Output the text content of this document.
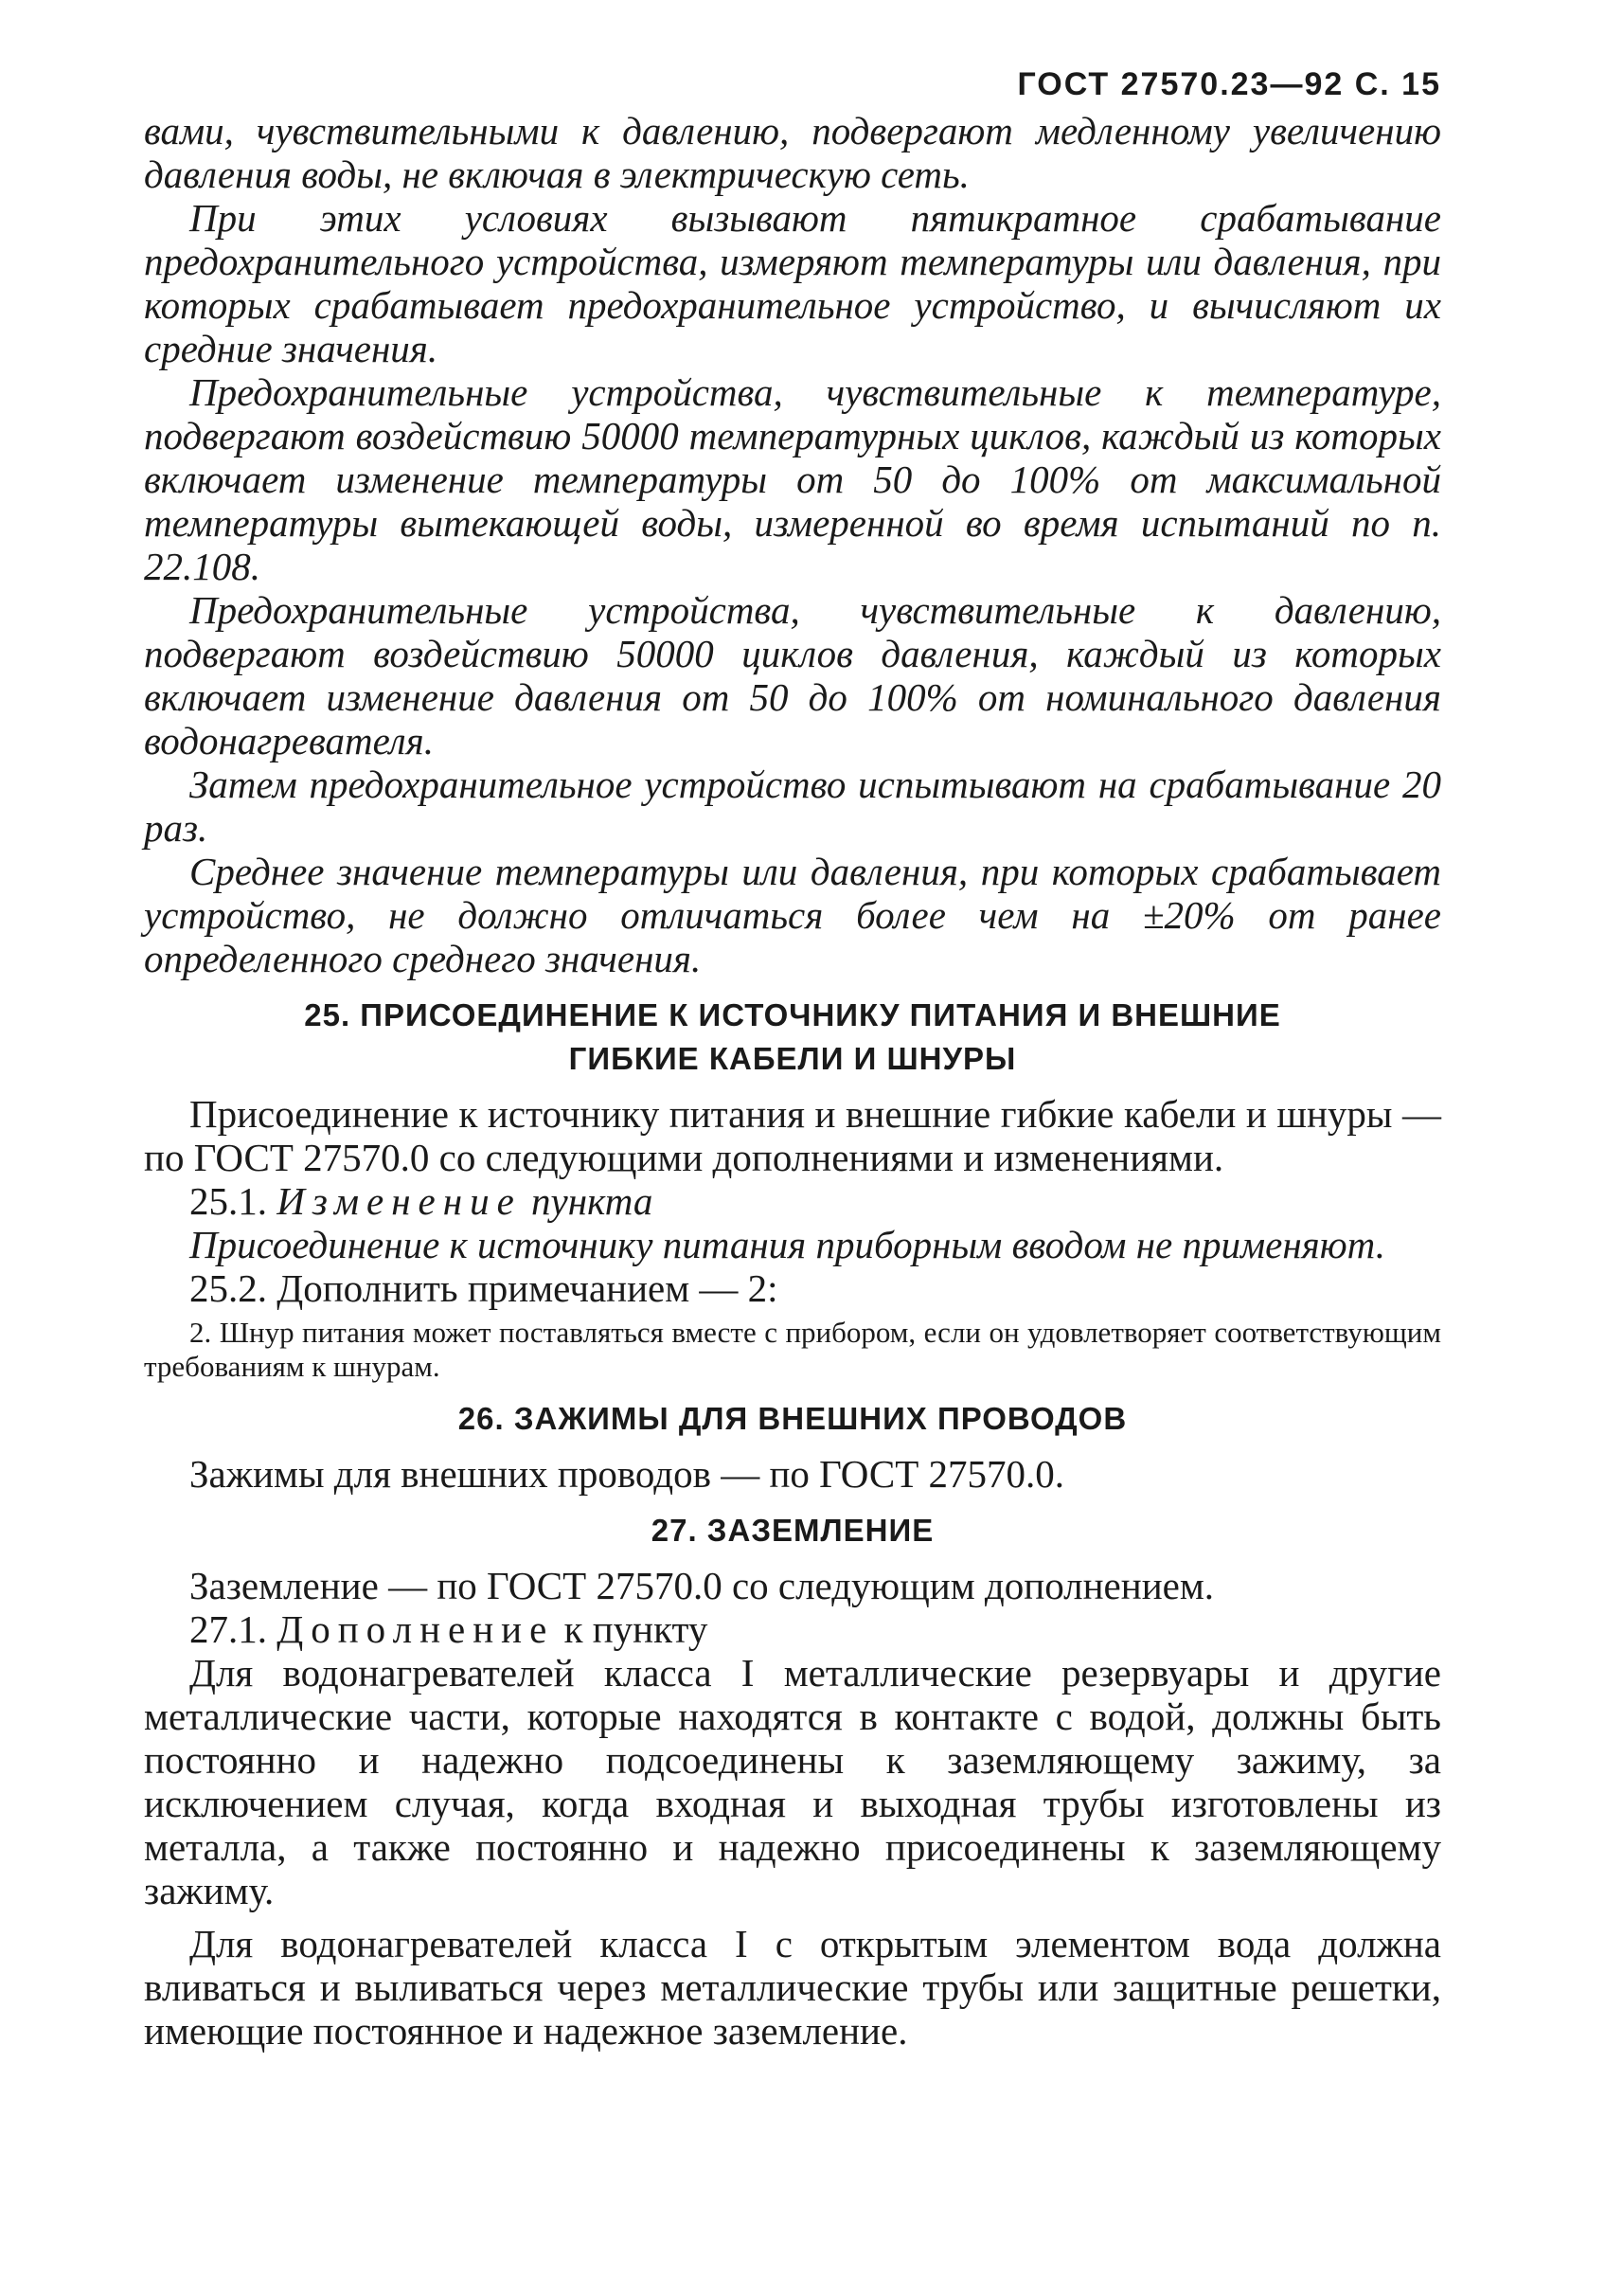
ГОСТ 27570.23—92 С. 15

вами, чувствительными к давлению, подвергают медленному увеличению давления воды, не включая в электрическую сеть.

При этих условиях вызывают пятикратное срабатывание предохранительного устройства, измеряют температуры или давления, при которых срабатывает предохранительное устройство, и вычисляют их средние значения.

Предохранительные устройства, чувствительные к температуре, подвергают воздействию 50000 температурных циклов, каждый из которых включает изменение температуры от 50 до 100% от максимальной температуры вытекающей воды, измеренной во время испытаний по п. 22.108.

Предохранительные устройства, чувствительные к давлению, подвергают воздействию 50000 циклов давления, каждый из которых включает изменение давления от 50 до 100% от номинального давления водонагревателя.

Затем предохранительное устройство испытывают на срабатывание 20 раз.

Среднее значение температуры или давления, при которых срабатывает устройство, не должно отличаться более чем на ±20% от ранее определенного среднего значения.

25. ПРИСОЕДИНЕНИЕ К ИСТОЧНИКУ ПИТАНИЯ И ВНЕШНИЕ
ГИБКИЕ КАБЕЛИ И ШНУРЫ

Присоединение к источнику питания и внешние гибкие кабели и шнуры — по ГОСТ 27570.0 со следующими дополнениями и изменениями.

25.1. Изменение пункта

Присоединение к источнику питания приборным вводом не применяют.

25.2. Дополнить примечанием — 2:

2. Шнур питания может поставляться вместе с прибором, если он удовлетворяет соответствующим требованиям к шнурам.

26. ЗАЖИМЫ ДЛЯ ВНЕШНИХ ПРОВОДОВ

Зажимы для внешних проводов — по ГОСТ 27570.0.

27. ЗАЗЕМЛЕНИЕ

Заземление — по ГОСТ 27570.0 со следующим дополнением.

27.1. Дополнение к пункту

Для водонагревателей класса I металлические резервуары и другие металлические части, которые находятся в контакте с водой, должны быть постоянно и надежно подсоединены к заземляющему зажиму, за исключением случая, когда входная и выходная трубы изготовлены из металла, а также постоянно и надежно присоединены к заземляющему зажиму.

Для водонагревателей класса I с открытым элементом вода должна вливаться и выливаться через металлические трубы или защитные решетки, имеющие постоянное и надежное заземление.
